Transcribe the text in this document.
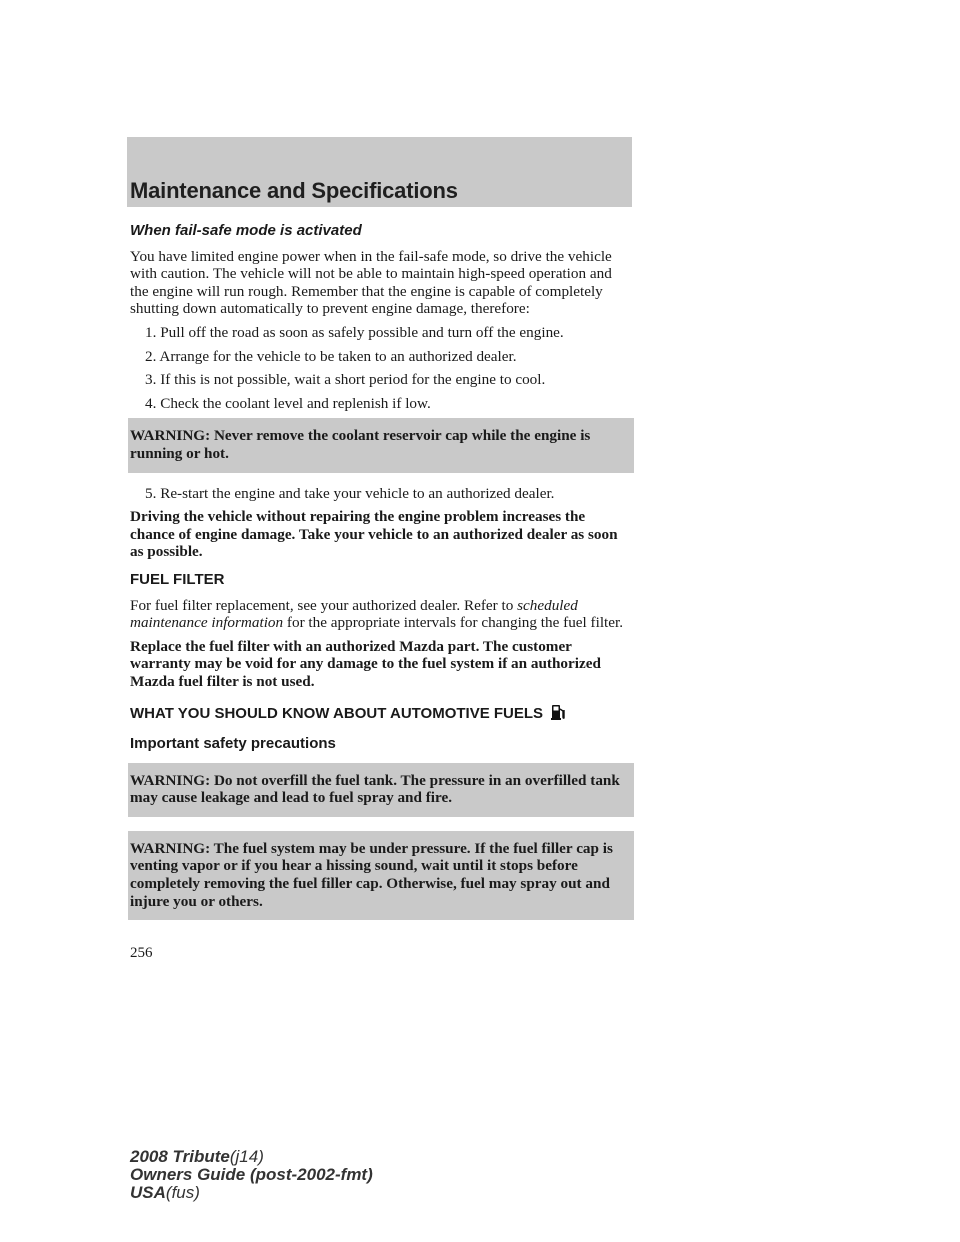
Maintenance and Specifications
When fail-safe mode is activated

You have limited engine power when in the fail-safe mode, so drive the vehicle with caution. The vehicle will not be able to maintain high-speed operation and the engine will run rough. Remember that the engine is capable of completely shutting down automatically to prevent engine damage, therefore:

1. Pull off the road as soon as safely possible and turn off the engine.

2. Arrange for the vehicle to be taken to an authorized dealer.

3. If this is not possible, wait a short period for the engine to cool.

4. Check the coolant level and replenish if low.

WARNING: Never remove the coolant reservoir cap while the engine is running or hot.

5. Re-start the engine and take your vehicle to an authorized dealer.

Driving the vehicle without repairing the engine problem increases the chance of engine damage. Take your vehicle to an authorized dealer as soon as possible.

FUEL FILTER

For fuel filter replacement, see your authorized dealer. Refer to scheduled maintenance information for the appropriate intervals for changing the fuel filter.

Replace the fuel filter with an authorized Mazda part. The customer warranty may be void for any damage to the fuel system if an authorized Mazda fuel filter is not used.

WHAT YOU SHOULD KNOW ABOUT AUTOMOTIVE FUELS
Important safety precautions
WARNING: Do not overfill the fuel tank. The pressure in an overfilled tank may cause leakage and lead to fuel spray and fire.
WARNING: The fuel system may be under pressure. If the fuel filler cap is venting vapor or if you hear a hissing sound, wait until it stops before completely removing the fuel filler cap. Otherwise, fuel may spray out and injure you or others.
256
2008 Tribute(j14)
Owners Guide (post-2002-fmt)
USA(fus)
